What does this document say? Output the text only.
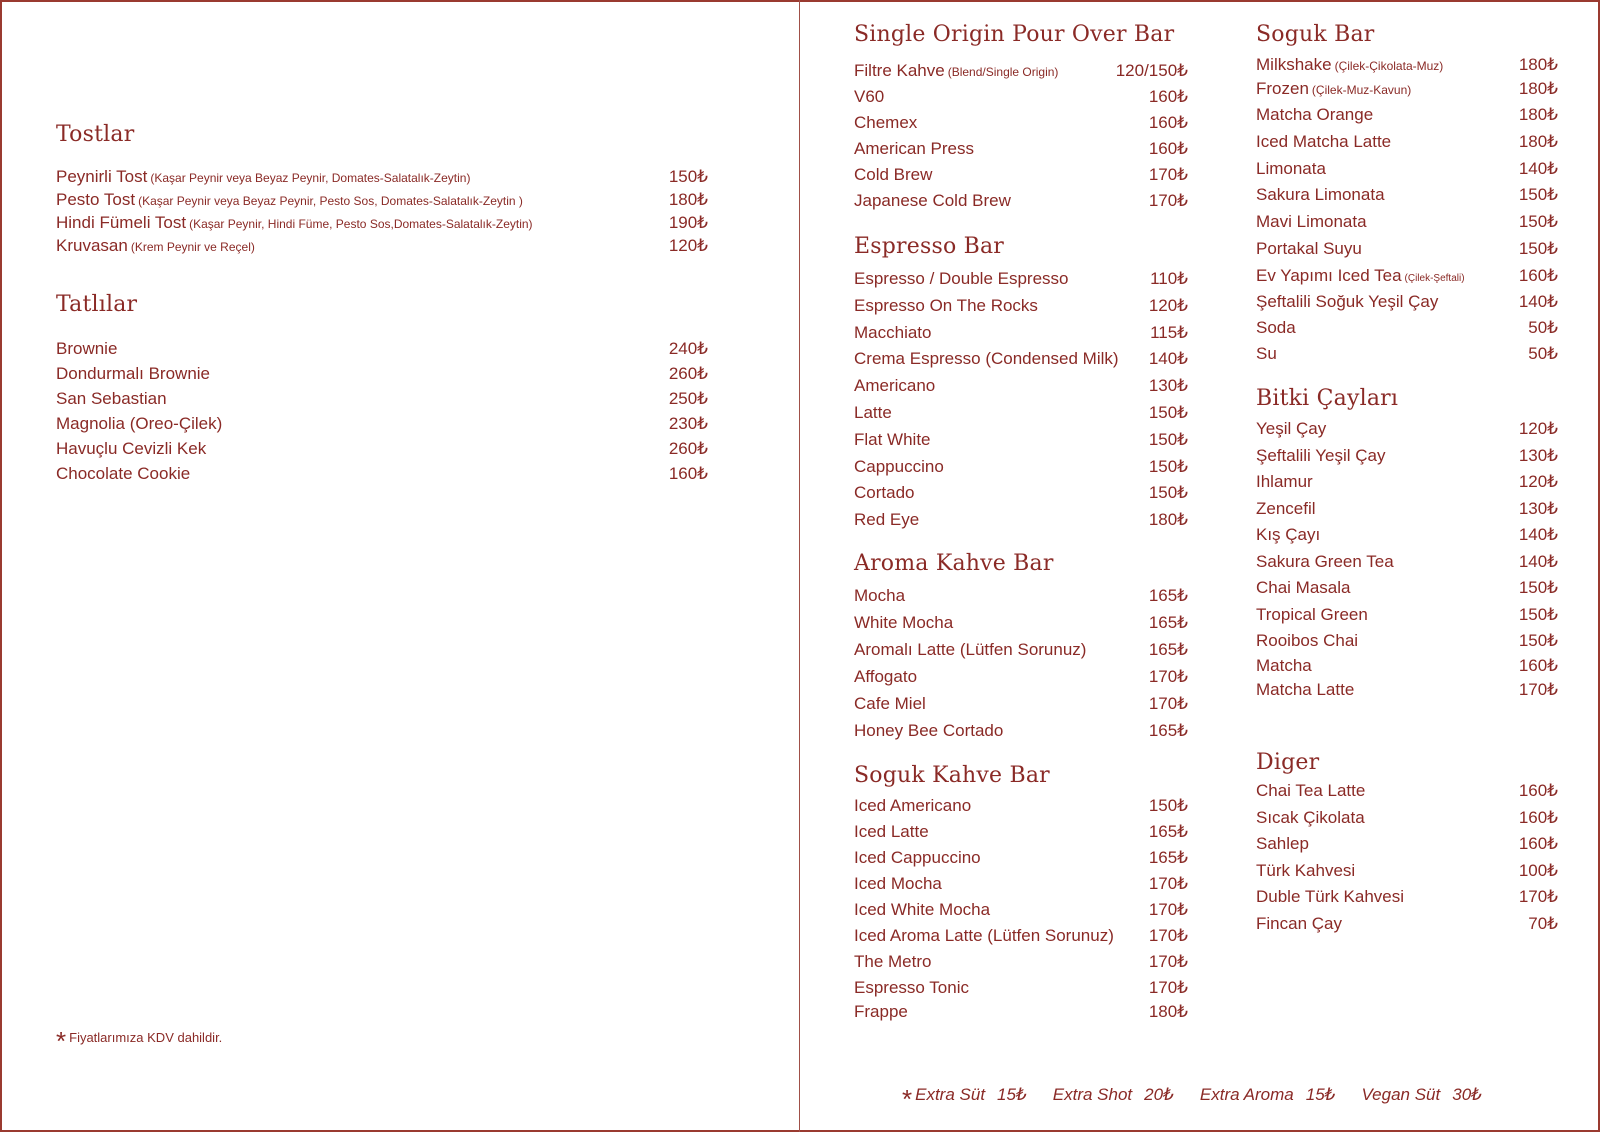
Tostlar
Peynirli Tost (Kaşar Peynir veya Beyaz Peynir, Domates-Salatalık-Zeytin)	150₺
Pesto Tost (Kaşar Peynir veya Beyaz Peynir, Pesto Sos, Domates-Salatalık-Zeytin )	180₺
Hindi Fümeli Tost (Kaşar Peynir, Hindi Füme, Pesto Sos,Domates-Salatalık-Zeytin)	190₺
Kruvasan (Krem Peynir ve Reçel)	120₺
Tatlılar
Brownie	240₺
Dondurmalı Brownie	260₺
San Sebastian	250₺
Magnolia (Oreo-Çilek)	230₺
Havuçlu Cevizli Kek	260₺
Chocolate Cookie	160₺
* Fiyatlarımıza KDV dahildir.
Single Origin Pour Over Bar
Filtre Kahve (Blend/Single Origin)	120/150₺
V60	160₺
Chemex	160₺
American Press	160₺
Cold Brew	170₺
Japanese Cold Brew	170₺
Espresso Bar
Espresso / Double Espresso	110₺
Espresso On The Rocks	120₺
Macchiato	115₺
Crema Espresso (Condensed Milk) 140₺
Americano	130₺
Latte	150₺
Flat White	150₺
Cappuccino	150₺
Cortado	150₺
Red Eye	180₺
Aroma Kahve Bar
Mocha	165₺
White Mocha	165₺
Aromalı Latte (Lütfen Sorunuz)	165₺
Affogato	170₺
Cafe Miel	170₺
Honey Bee Cortado	165₺
Soguk Kahve Bar
Iced Americano	150₺
Iced Latte	165₺
Iced Cappuccino	165₺
Iced Mocha	170₺
Iced White Mocha	170₺
Iced Aroma Latte (Lütfen Sorunuz) 170₺
The Metro	170₺
Espresso Tonic	170₺
Frappe	180₺
Soguk Bar
Milkshake (Çilek-Çikolata-Muz)	180₺
Frozen (Çilek-Muz-Kavun)	180₺
Matcha Orange	180₺
Iced Matcha Latte	180₺
Limonata	140₺
Sakura Limonata	150₺
Mavi Limonata	150₺
Portakal Suyu	150₺
Ev Yapımı Iced Tea (Çilek-Şeftali)	160₺
Şeftalili Soğuk Yeşil Çay	140₺
Soda	50₺
Su	50₺
Bitki Çayları
Yeşil Çay	120₺
Şeftalili Yeşil Çay	130₺
Ihlamur	120₺
Zencefil	130₺
Kış Çayı	140₺
Sakura Green Tea	140₺
Chai Masala	150₺
Tropical Green	150₺
Rooibos Chai	150₺
Matcha	160₺
Matcha Latte	170₺
Diger
Chai Tea Latte	160₺
Sıcak Çikolata	160₺
Sahlep	160₺
Türk Kahvesi	100₺
Duble Türk Kahvesi	170₺
Fincan Çay	70₺
* Extra Süt 15₺ Extra Shot 20₺ Extra Aroma 15₺ Vegan Süt 30₺
